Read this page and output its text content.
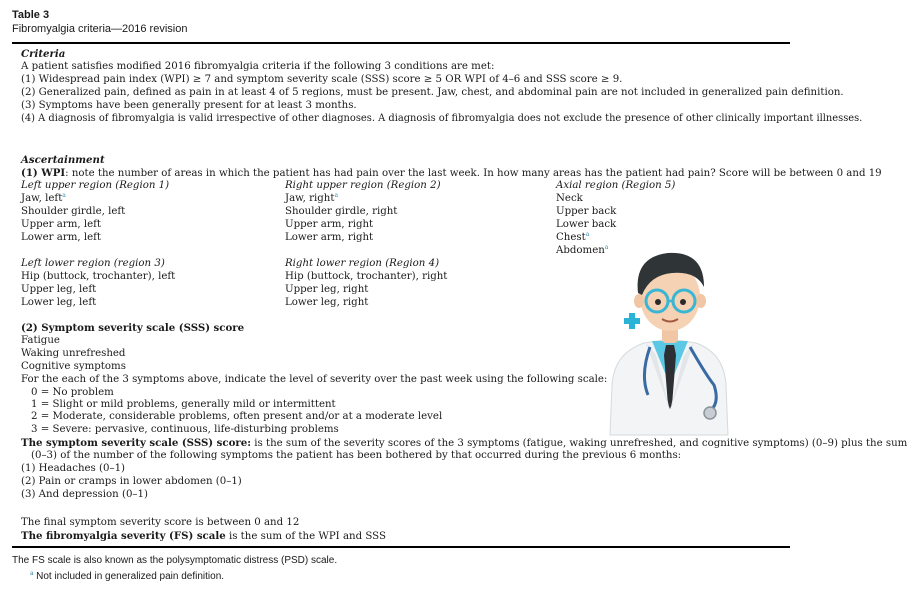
Table 3
Fibromyalgia criteria—2016 revision
Criteria
A patient satisfies modified 2016 fibromyalgia criteria if the following 3 conditions are met:
(1) Widespread pain index (WPI) ≥ 7 and symptom severity scale (SSS) score ≥ 5 OR WPI of 4–6 and SSS score ≥ 9.
(2) Generalized pain, defined as pain in at least 4 of 5 regions, must be present. Jaw, chest, and abdominal pain are not included in generalized pain definition.
(3) Symptoms have been generally present for at least 3 months.
(4) A diagnosis of fibromyalgia is valid irrespective of other diagnoses. A diagnosis of fibromyalgia does not exclude the presence of other clinically important illnesses.
Ascertainment
(1) WPI: note the number of areas in which the patient has had pain over the last week. In how many areas has the patient had pain? Score will be between 0 and 19
Left upper region (Region 1)
Jaw, left$^a$
Shoulder girdle, left
Upper arm, left
Lower arm, left
Right upper region (Region 2)
Jaw, right$^a$
Shoulder girdle, right
Upper arm, right
Lower arm, right
Axial region (Region 5)
Neck
Upper back
Lower back
Chest$^a$
Abdomen$^a$
Left lower region (region 3)
Hip (buttock, trochanter), left
Upper leg, left
Lower leg, left
Right lower region (Region 4)
Hip (buttock, trochanter), right
Upper leg, right
Lower leg, right
(2) Symptom severity scale (SSS) score
Fatigue
Waking unrefreshed
Cognitive symptoms
For the each of the 3 symptoms above, indicate the level of severity over the past week using the following scale:
0 = No problem
1 = Slight or mild problems, generally mild or intermittent
2 = Moderate, considerable problems, often present and/or at a moderate level
3 = Severe: pervasive, continuous, life-disturbing problems
The symptom severity scale (SSS) score: is the sum of the severity scores of the 3 symptoms (fatigue, waking unrefreshed, and cognitive symptoms) (0–9) plus the sum
(0–3) of the number of the following symptoms the patient has been bothered by that occurred during the previous 6 months:
(1) Headaches (0–1)
(2) Pain or cramps in lower abdomen (0–1)
(3) And depression (0–1)
The final symptom severity score is between 0 and 12
The fibromyalgia severity (FS) scale is the sum of the WPI and SSS
The FS scale is also known as the polysymptomatic distress (PSD) scale.
$^a$ Not included in generalized pain definition.
